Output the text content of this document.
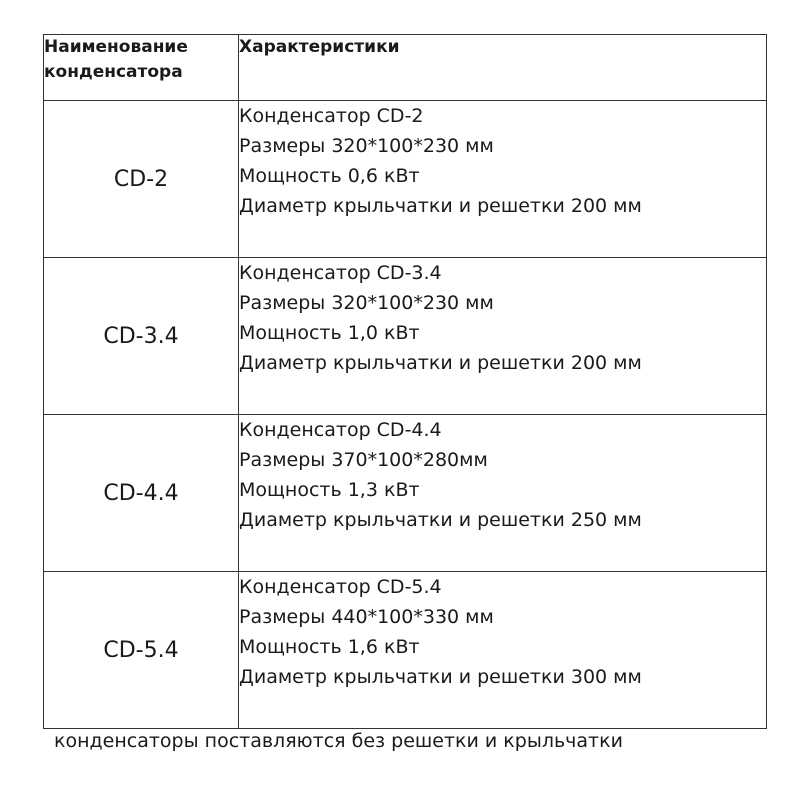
Наименование
конденсатора	Характеристики
CD-2	Конденсатор CD-2
Размеры 320*100*230 мм
Мощность 0,6 кВт
Диаметр крыльчатки и решетки 200 мм

CD-3.4	Конденсатор CD-3.4
Размеры 320*100*230 мм
Мощность 1,0 кВт
Диаметр крыльчатки и решетки 200 мм

CD-4.4	Конденсатор CD-4.4
Размеры 370*100*280мм
Мощность 1,3 кВт
Диаметр крыльчатки и решетки 250 мм

CD-5.4	Конденсатор CD-5.4
Размеры 440*100*330 мм
Мощность 1,6 кВт
Диаметр крыльчатки и решетки 300 мм
конденсаторы поставляются без решетки и крыльчатки
